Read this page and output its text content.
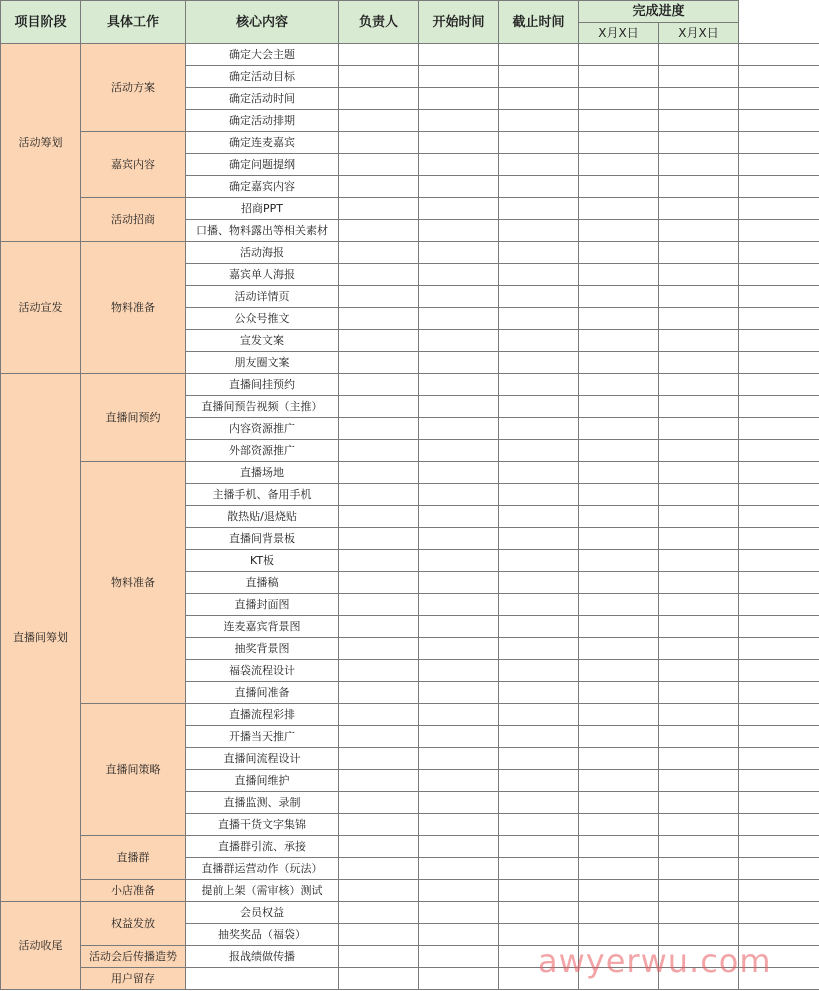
项目阶段	具体工作	核心内容	负责人	开始时间	截止时间	完成进度		
						X月X日	X月X日	
活动筹划	活动方案	确定大会主题						
		确定活动目标						
		确定活动时间						
		确定活动排期						
	嘉宾内容	确定连麦嘉宾						
		确定问题提纲						
		确定嘉宾内容						
	活动招商	招商PPT						
		口播、物料露出等相关素材						
活动宣发	物料准备	活动海报						
		嘉宾单人海报						
		活动详情页						
		公众号推文						
		宣发文案						
		朋友圈文案						
直播间筹划	直播间预约	直播间挂预约						
		直播间预告视频（主推）						
		内容资源推广						
		外部资源推广						
	物料准备	直播场地						
		主播手机、备用手机						
		散热贴/退烧贴						
		直播间背景板						
		KT板						
		直播稿						
		直播封面图						
		连麦嘉宾背景图						
		抽奖背景图						
		福袋流程设计						
		直播间准备						
	直播间策略	直播流程彩排						
		开播当天推广						
		直播间流程设计						
		直播间维护						
		直播监测、录制						
		直播干货文字集锦						
	直播群	直播群引流、承接						
		直播群运营动作（玩法）						
	小店准备	提前上架（需审核）测试						
活动收尾	权益发放	会员权益						
		抽奖奖品（福袋）						
	活动会后传播造势	报战绩做传播						
	用户留存								awyerwu.com
